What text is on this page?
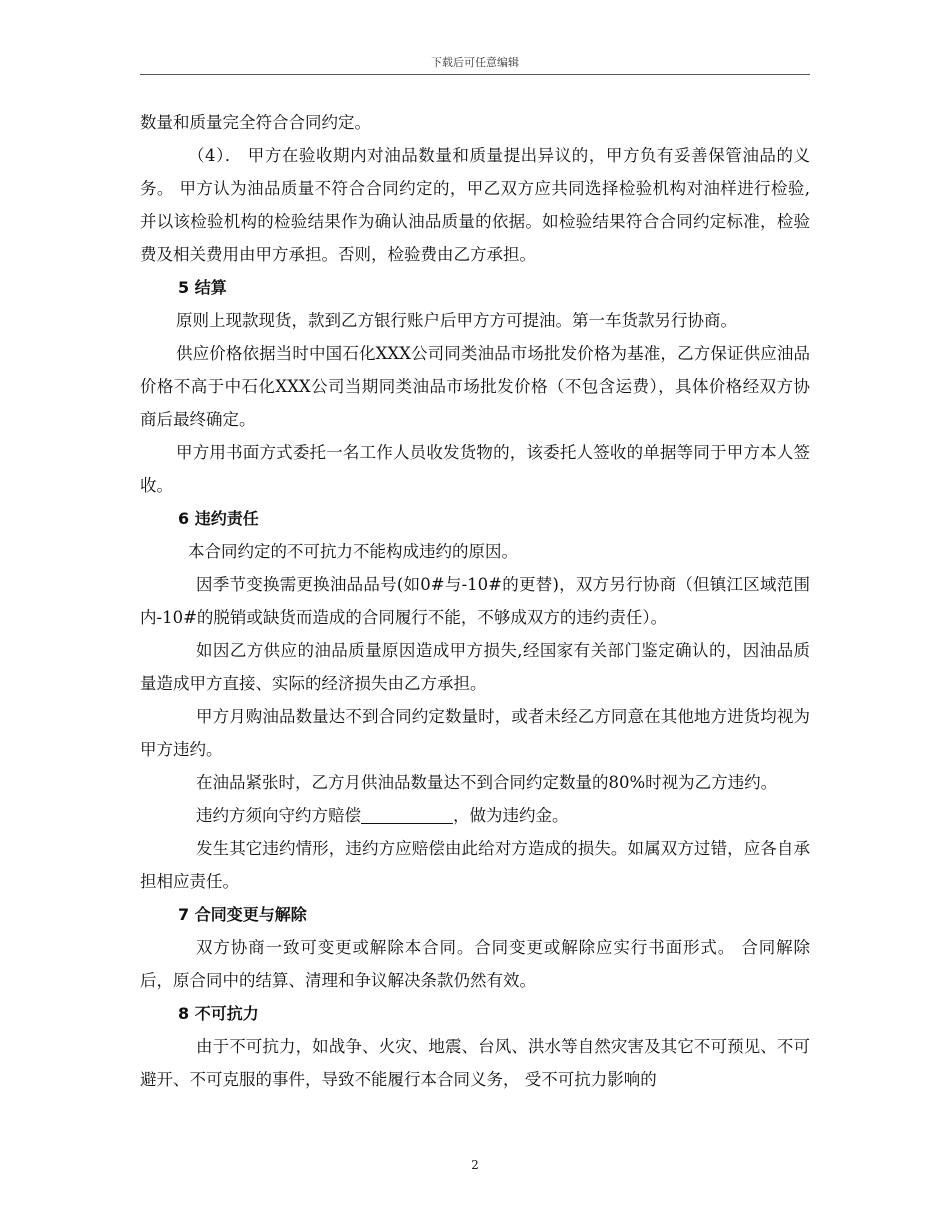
下载后可任意编辑

数量和质量完全符合合同约定。

（4）． 甲方在验收期内对油品数量和质量提出异议的，甲方负有妥善保管油品的义务。 甲方认为油品质量不符合合同约定的，甲乙双方应共同选择检验机构对油样进行检验,并以该检验机构的检验结果作为确认油品质量的依据。如检验结果符合合同约定标准，检验费及相关费用由甲方承担。否则，检验费由乙方承担。

5 结算

原则上现款现货，款到乙方银行账户后甲方方可提油。第一车货款另行协商。

供应价格依据当时中国石化XXX公司同类油品市场批发价格为基准，乙方保证供应油品价格不高于中石化XXX公司当期同类油品市场批发价格（不包含运费），具体价格经双方协商后最终确定。

甲方用书面方式委托一名工作人员收发货物的，该委托人签收的单据等同于甲方本人签收。

6 违约责任

本合同约定的不可抗力不能构成违约的原因。

因季节变换需更换油品品号(如0#与-10#的更替)，双方另行协商（但镇江区域范围内-10#的脱销或缺货而造成的合同履行不能，不够成双方的违约责任）。

如因乙方供应的油品质量原因造成甲方损失,经国家有关部门鉴定确认的，因油品质量造成甲方直接、实际的经济损失由乙方承担。

甲方月购油品数量达不到合同约定数量时，或者未经乙方同意在其他地方进货均视为甲方违约。

在油品紧张时，乙方月供油品数量达不到合同约定数量的80%时视为乙方违约。

违约方须向守约方赔偿	，做为违约金。

发生其它违约情形，违约方应赔偿由此给对方造成的损失。如属双方过错，应各自承担相应责任。

7 合同变更与解除

双方协商一致可变更或解除本合同。合同变更或解除应实行书面形式。 合同解除后，原合同中的结算、清理和争议解决条款仍然有效。

8 不可抗力

由于不可抗力，如战争、火灾、地震、台风、洪水等自然灾害及其它不可预见、不可避开、不可克服的事件，导致不能履行本合同义务， 受不可抗力影响的

2
